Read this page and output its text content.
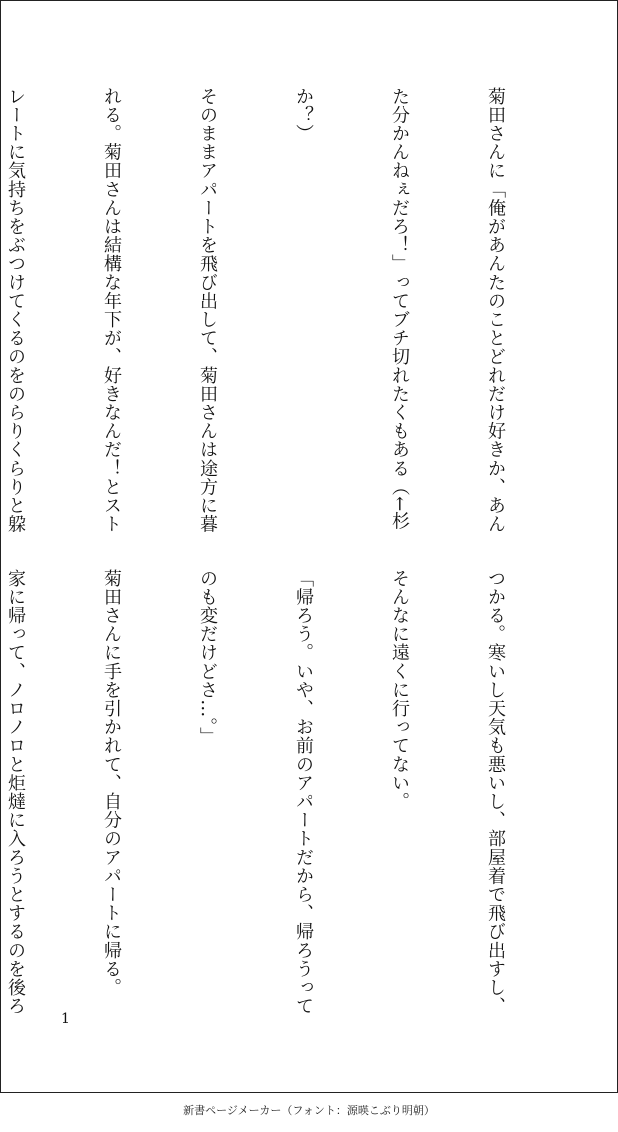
菊田さんに「俺があんたのことどれだけ好きか、あん

た分かんねぇだろ！」ってブチ切れたくもある（←杉

か？）

そのままアパートを飛び出して、菊田さんは途方に暮

れる。菊田さんは結構な年下が、好きなんだ！とスト

レートに気持ちをぶつけてくるのをのらりくらりと躱

つかる。寒いし天気も悪いし、部屋着で飛び出すし、

そんなに遠くに行ってない。

「帰ろう。いや、お前のアパートだから、帰ろうって

のも変だけどさ…。」

菊田さんに手を引かれて、自分のアパートに帰る。

家に帰って、ノロノロと炬燵に入ろうとするのを後ろ

1
新書ページメーカー（フォント：源暎こぶり明朝）
